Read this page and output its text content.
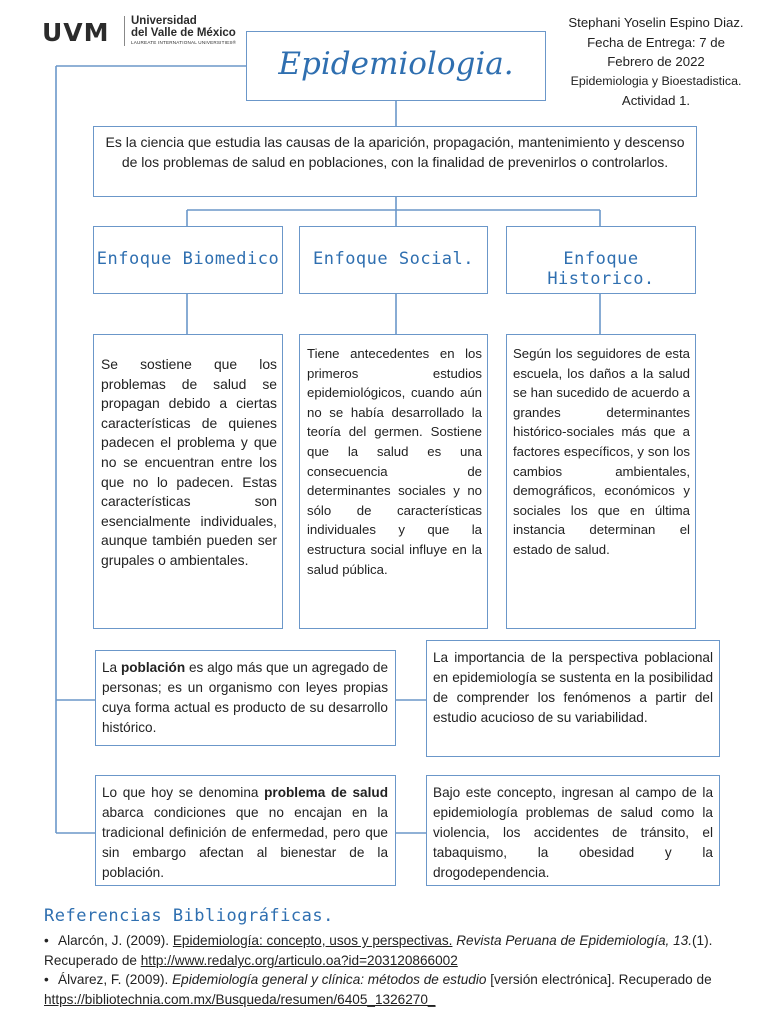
UVM Universidad
del Valle de México
LAUREATE INTERNATIONAL UNIVERSITIES®
Stephani Yoselin Espino Diaz.
Fecha de Entrega: 7 de
Febrero de 2022
Epidemiologia y Bioestadistica.
Actividad 1.
Epidemiologia.
Es la ciencia que estudia las causas de la aparición, propagación, mantenimiento y descenso de los problemas de salud en poblaciones, con la finalidad de prevenirlos o controlarlos.
Enfoque Biomedico	Enfoque Social.	Enfoque Historico.
Se sostiene que los problemas de salud se propagan debido a ciertas características de quienes padecen el problema y que no se encuentran entre los que no lo padecen. Estas características son esencialmente individuales, aunque también pueden ser grupales o ambientales.
Tiene antecedentes en los primeros estudios epidemiológicos, cuando aún no se había desarrollado la teoría del germen. Sostiene que la salud es una consecuencia de determinantes sociales y no sólo de características individuales y que la estructura social influye en la salud pública.
Según los seguidores de esta escuela, los daños a la salud se han sucedido de acuerdo a grandes determinantes histórico-sociales más que a factores específicos, y son los cambios ambientales, demográficos, económicos y sociales los que en última instancia determinan el estado de salud.
La población es algo más que un agregado de personas; es un organismo con leyes propias cuya forma actual es producto de su desarrollo histórico.
La importancia de la perspectiva poblacional en epidemiología se sustenta en la posibilidad de comprender los fenómenos a partir del estudio acucioso de su variabilidad.
Lo que hoy se denomina problema de salud abarca condiciones que no encajan en la tradicional definición de enfermedad, pero que sin embargo afectan al bienestar de la población.
Bajo este concepto, ingresan al campo de la epidemiología problemas de salud como la violencia, los accidentes de tránsito, el tabaquismo, la obesidad y la drogodependencia.
Referencias Bibliográficas.
• Alarcón, J. (2009). Epidemiología: concepto, usos y perspectivas. Revista Peruana de Epidemiología, 13.(1). Recuperado de http://www.redalyc.org/articulo.oa?id=203120866002
• Álvarez, F. (2009). Epidemiología general y clínica: métodos de estudio [versión electrónica]. Recuperado de https://bibliotechnia.com.mx/Busqueda/resumen/6405_1326270_
